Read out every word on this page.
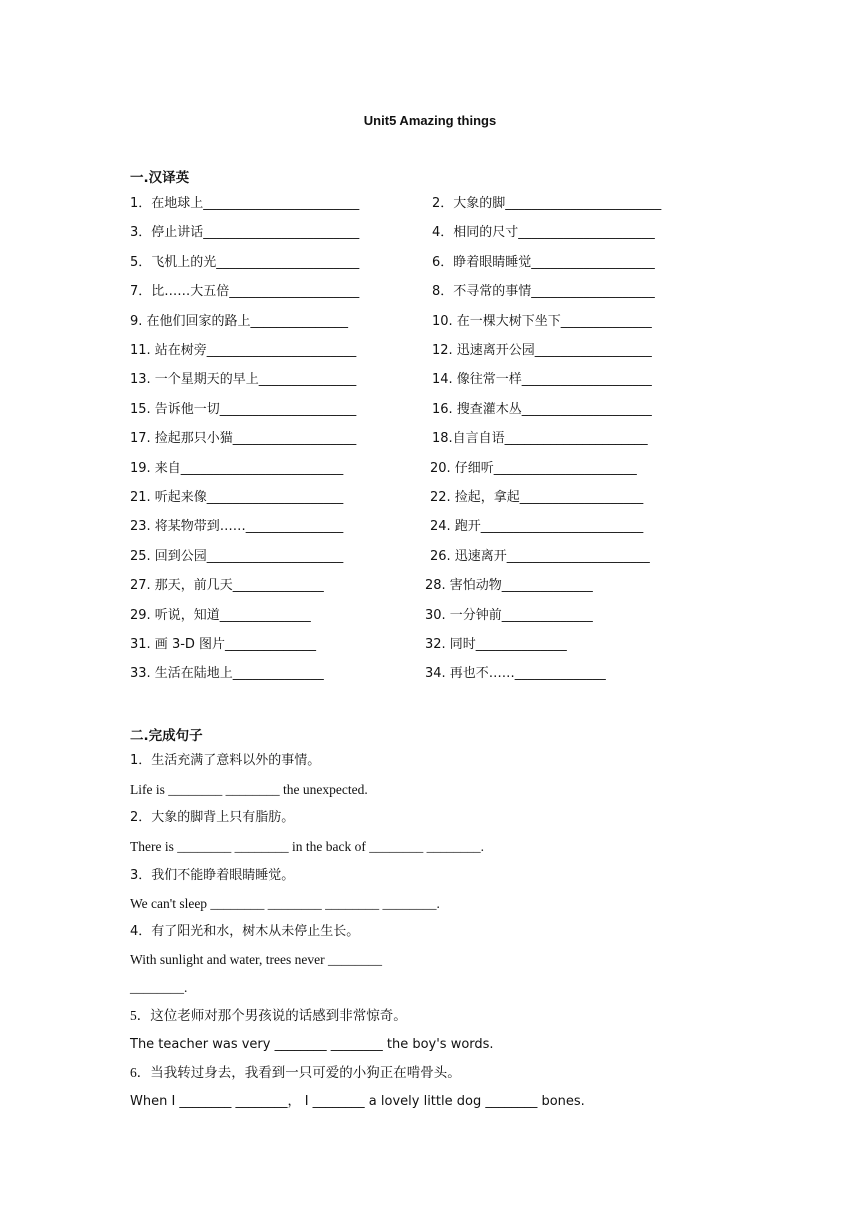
Unit5 Amazing things
一.汉译英
1．在地球上________________________	2．大象的脚________________________
3．停止讲话________________________	4．相同的尺寸_____________________
5．飞机上的光______________________	6．睁着眼睛睡觉___________________
7．比……大五倍____________________	8．不寻常的事情___________________
9. 在他们回家的路上_______________	10. 在一棵大树下坐下______________
11. 站在树旁_______________________	12. 迅速离开公园__________________
13. 一个星期天的早上_______________	14. 像往常一样____________________
15. 告诉他一切_____________________	16. 搜查灌木丛____________________
17. 捡起那只小猫___________________	18.自言自语______________________
19. 来自_________________________	20. 仔细听______________________
21. 听起来像_____________________	22. 捡起，拿起___________________
23. 将某物带到……_______________	24. 跑开_________________________
25. 回到公园_____________________	26. 迅速离开______________________
27. 那天，前几天______________	28. 害怕动物______________
29. 听说，知道______________	30. 一分钟前______________
31. 画 3-D 图片______________	32. 同时______________
33. 生活在陆地上______________	34. 再也不……______________
二.完成句子
1．生活充满了意料以外的事情。
Life is ________ ________ the unexpected.
2．大象的脚背上只有脂肪。
There is ________ ________ in the back of ________ ________.
3．我们不能睁着眼睛睡觉。
We can't sleep ________ ________ ________ ________.
4．有了阳光和水，树木从未停止生长。
With sunlight and water, trees never ________
________.
5．这位老师对那个男孩说的话感到非常惊奇。
The teacher was very ________ ________ the boy's words.
6．当我转过身去，我看到一只可爱的小狗正在啃骨头。
When I ________ ________， I ________ a lovely little dog ________ bones.
